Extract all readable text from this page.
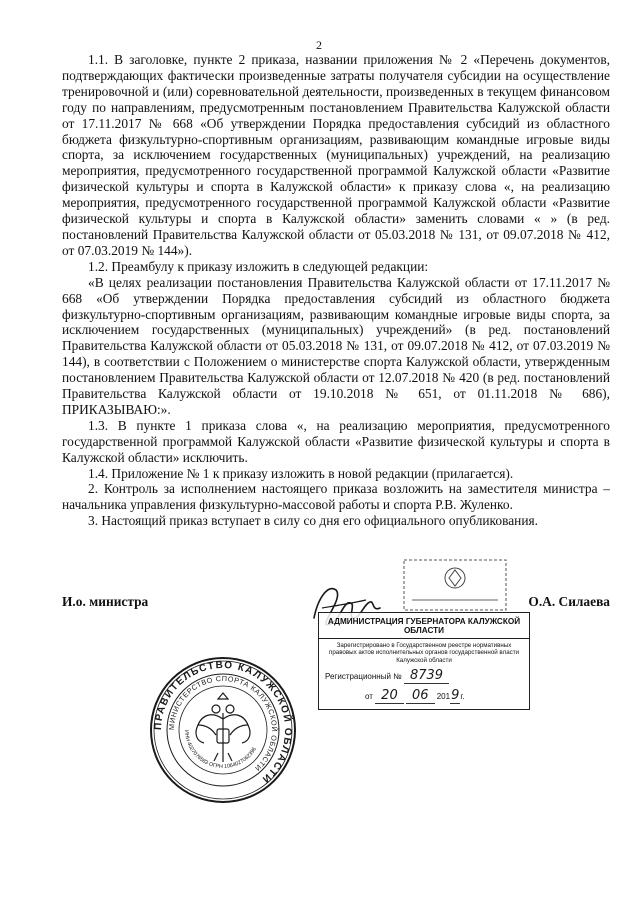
2

1.1. В заголовке, пункте 2 приказа, названии приложения № 2 «Перечень документов, подтверждающих фактически произведенные затраты получателя субсидии на осуществление тренировочной и (или) соревновательной деятельности, произведенных в текущем финансовом году по направлениям, предусмотренным постановлением Правительства Калужской области от 17.11.2017 № 668 «Об утверждении Порядка предоставления субсидий из областного бюджета физкультурно-спортивным организациям, развивающим командные игровые виды спорта, за исключением государственных (муниципальных) учреждений, на реализацию мероприятия, предусмотренного государственной программой Калужской области «Развитие физической культуры и спорта в Калужской области» к приказу слова «, на реализацию мероприятия, предусмотренного государственной программой Калужской области «Развитие физической культуры и спорта в Калужской области» заменить словами « » (в ред. постановлений Правительства Калужской области от 05.03.2018 № 131, от 09.07.2018 № 412, от 07.03.2019 № 144»).

1.2. Преамбулу к приказу изложить в следующей редакции:

«В целях реализации постановления Правительства Калужской области от 17.11.2017 № 668 «Об утверждении Порядка предоставления субсидий из областного бюджета физкультурно-спортивным организациям, развивающим командные игровые виды спорта, за исключением государственных (муниципальных) учреждений» (в ред. постановлений Правительства Калужской области от 05.03.2018 № 131, от 09.07.2018 № 412, от 07.03.2019 № 144), в соответствии с Положением о министерстве спорта Калужской области, утвержденным постановлением Правительства Калужской области от 12.07.2018 № 420 (в ред. постановлений Правительства Калужской области от 19.10.2018 № 651, от 01.11.2018 № 686), ПРИКАЗЫВАЮ:».

1.3. В пункте 1 приказа слова «, на реализацию мероприятия, предусмотренного государственной программой Калужской области «Развитие физической культуры и спорта в Калужской области» исключить.

1.4. Приложение № 1 к приказу изложить в новой редакции (прилагается).

2. Контроль за исполнением настоящего приказа возложить на заместителя министра – начальника управления физкультурно-массовой работы и спорта Р.В. Жуленко.

3. Настоящий приказ вступает в силу со дня его официального опубликования.

И.о. министра	О.А. Силаева
АДМИНИСТРАЦИЯ ГУБЕРНАТОРА КАЛУЖСКОЙ ОБЛАСТИ
Зарегистрировано в Государственном реестре нормативных правовых актов исполнительных органов государственной власти Калужской области
Регистрационный № 8739
от 20 06 2019г.
ПРАВИТЕЛЬСТВО КАЛУЖСКОЙ ОБЛАСТИ
МИНИСТЕРСТВО СПОРТА КАЛУЖСКОЙ ОБЛАСТИ
ИНН 4027076583 ОГРН 1064027062396
